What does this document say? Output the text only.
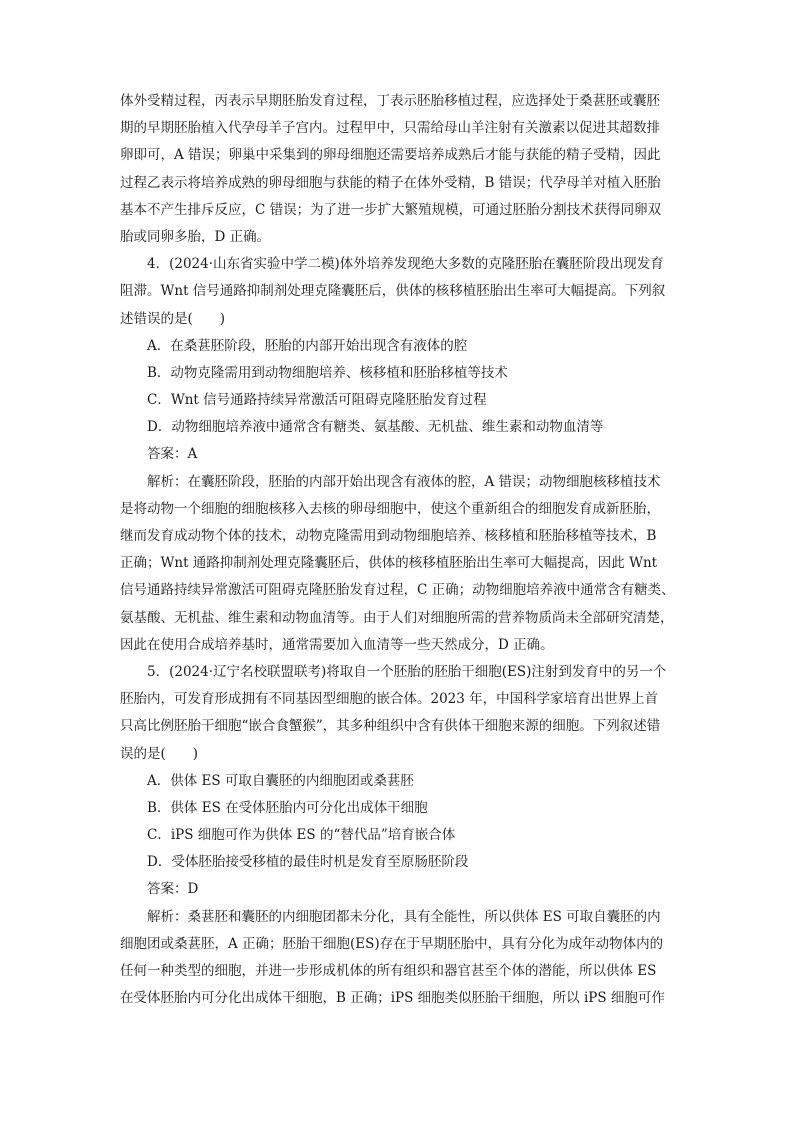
体外受精过程，丙表示早期胚胎发育过程，丁表示胚胎移植过程，应选择处于桑葚胚或囊胚
期的早期胚胎植入代孕母羊子宫内。过程甲中，只需给母山羊注射有关激素以促进其超数排
卵即可，A 错误；卵巢中采集到的卵母细胞还需要培养成熟后才能与获能的精子受精，因此
过程乙表示将培养成熟的卵母细胞与获能的精子在体外受精，B 错误；代孕母羊对植入胚胎
基本不产生排斥反应，C 错误；为了进一步扩大繁殖规模，可通过胚胎分割技术获得同卵双
胎或同卵多胎，D 正确。
4．(2024·山东省实验中学二模)体外培养发现绝大多数的克隆胚胎在囊胚阶段出现发育
阻滞。Wnt 信号通路抑制剂处理克隆囊胚后，供体的核移植胚胎出生率可大幅提高。下列叙
述错误的是(　　)
A．在桑葚胚阶段，胚胎的内部开始出现含有液体的腔
B．动物克隆需用到动物细胞培养、核移植和胚胎移植等技术
C．Wnt 信号通路持续异常激活可阻碍克隆胚胎发育过程
D．动物细胞培养液中通常含有糖类、氨基酸、无机盐、维生素和动物血清等
答案：A
解析：在囊胚阶段，胚胎的内部开始出现含有液体的腔，A 错误；动物细胞核移植技术
是将动物一个细胞的细胞核移入去核的卵母细胞中，使这个重新组合的细胞发育成新胚胎，
继而发育成动物个体的技术，动物克隆需用到动物细胞培养、核移植和胚胎移植等技术，B
正确；Wnt 通路抑制剂处理克隆囊胚后，供体的核移植胚胎出生率可大幅提高，因此 Wnt
信号通路持续异常激活可阻碍克隆胚胎发育过程，C 正确；动物细胞培养液中通常含有糖类、
氨基酸、无机盐、维生素和动物血清等。由于人们对细胞所需的营养物质尚未全部研究清楚，
因此在使用合成培养基时，通常需要加入血清等一些天然成分，D 正确。
5．(2024·辽宁名校联盟联考)将取自一个胚胎的胚胎干细胞(ES)注射到发育中的另一个
胚胎内，可发育形成拥有不同基因型细胞的嵌合体。2023 年，中国科学家培育出世界上首
只高比例胚胎干细胞“嵌合食蟹猴”，其多种组织中含有供体干细胞来源的细胞。下列叙述错
误的是(　　)
A．供体 ES 可取自囊胚的内细胞团或桑葚胚
B．供体 ES 在受体胚胎内可分化出成体干细胞
C．iPS 细胞可作为供体 ES 的“替代品”培育嵌合体
D．受体胚胎接受移植的最佳时机是发育至原肠胚阶段
答案：D
解析：桑葚胚和囊胚的内细胞团都未分化，具有全能性，所以供体 ES 可取自囊胚的内
细胞团或桑葚胚，A 正确；胚胎干细胞(ES)存在于早期胚胎中，具有分化为成年动物体内的
任何一种类型的细胞，并进一步形成机体的所有组织和器官甚至个体的潜能，所以供体 ES
在受体胚胎内可分化出成体干细胞，B 正确；iPS 细胞类似胚胎干细胞，所以 iPS 细胞可作
